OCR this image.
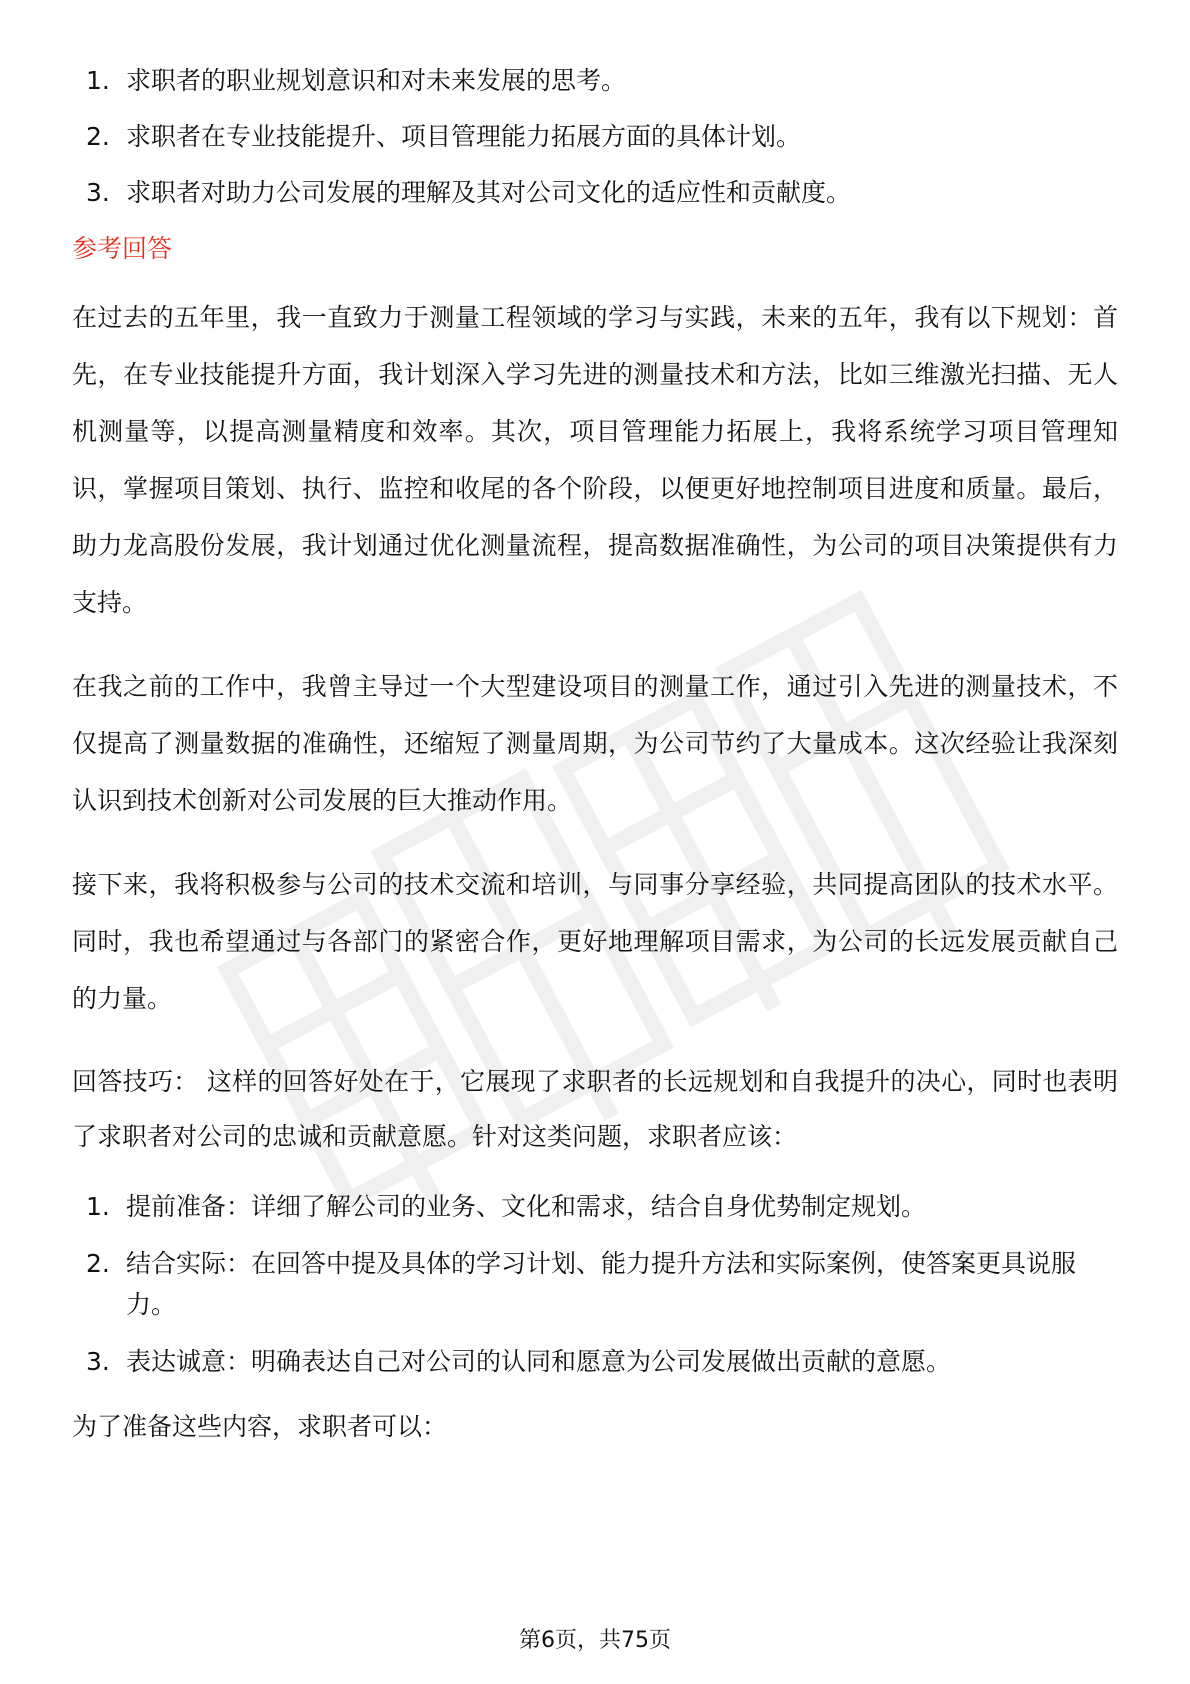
1. 求职者的职业规划意识和对未来发展的思考。
2. 求职者在专业技能提升、项目管理能力拓展方面的具体计划。
3. 求职者对助力公司发展的理解及其对公司文化的适应性和贡献度。
参考回答

在过去的五年里，我一直致力于测量工程领域的学习与实践，未来的五年，我有以下规划：首先，在专业技能提升方面，我计划深入学习先进的测量技术和方法，比如三维激光扫描、无人机测量等，以提高测量精度和效率。其次，项目管理能力拓展上，我将系统学习项目管理知识，掌握项目策划、执行、监控和收尾的各个阶段，以便更好地控制项目进度和质量。最后，助力龙高股份发展，我计划通过优化测量流程，提高数据准确性，为公司的项目决策提供有力支持。

在我之前的工作中，我曾主导过一个大型建设项目的测量工作，通过引入先进的测量技术，不仅提高了测量数据的准确性，还缩短了测量周期，为公司节约了大量成本。这次经验让我深刻认识到技术创新对公司发展的巨大推动作用。

接下来，我将积极参与公司的技术交流和培训，与同事分享经验，共同提高团队的技术水平。同时，我也希望通过与各部门的紧密合作，更好地理解项目需求，为公司的长远发展贡献自己的力量。

回答技巧： 这样的回答好处在于，它展现了求职者的长远规划和自我提升的决心，同时也表明了求职者对公司的忠诚和贡献意愿。针对这类问题，求职者应该：

1. 提前准备：详细了解公司的业务、文化和需求，结合自身优势制定规划。
2. 结合实际：在回答中提及具体的学习计划、能力提升方法和实际案例，使答案更具说服力。
3. 表达诚意：明确表达自己对公司的认同和愿意为公司发展做出贡献的意愿。

为了准备这些内容，求职者可以：

第6页，共75页
